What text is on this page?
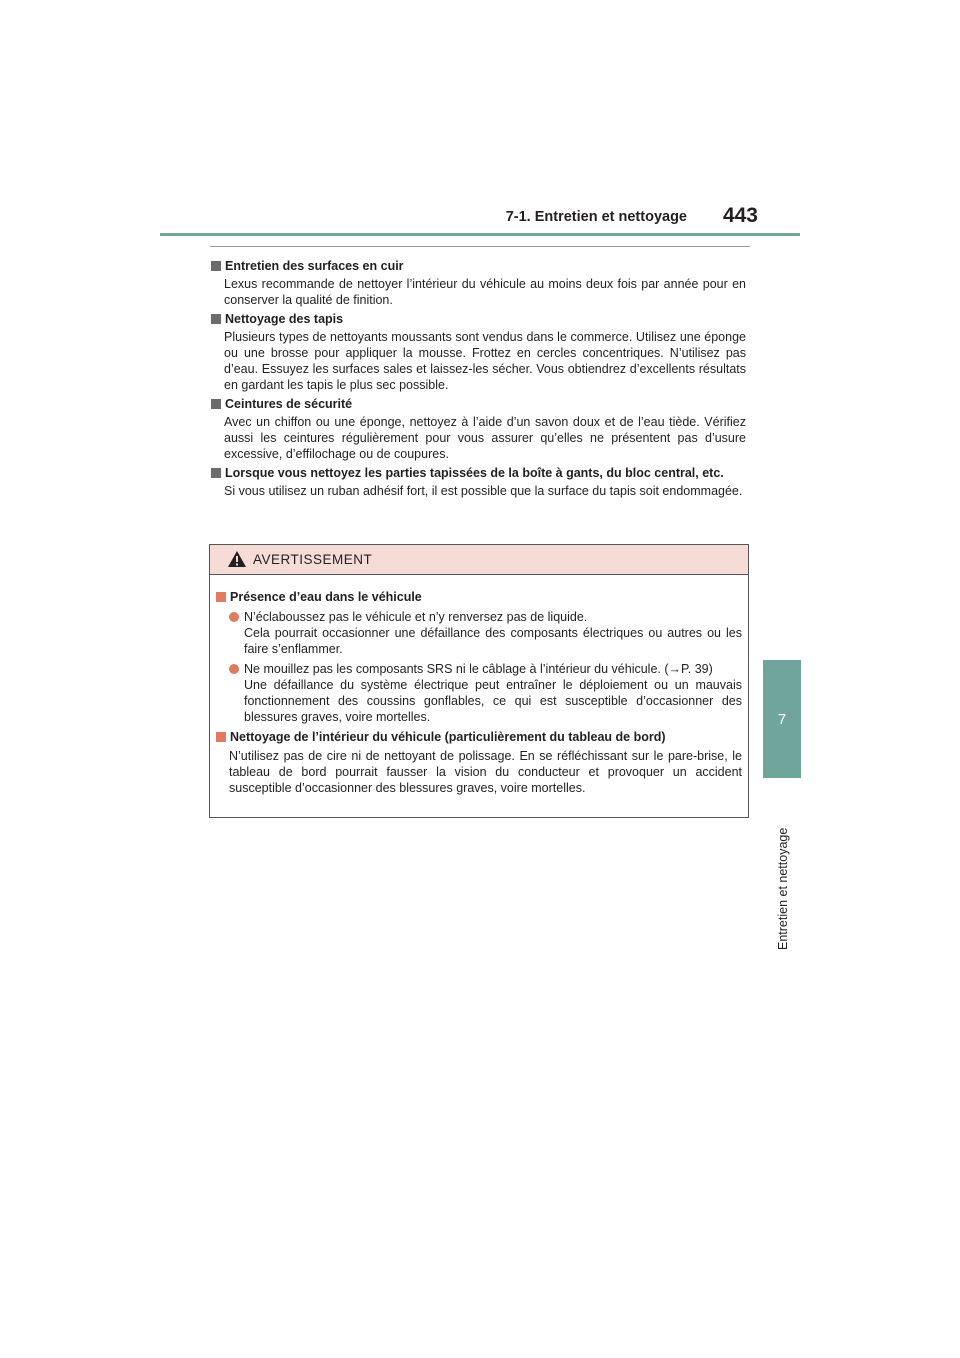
7-1. Entretien et nettoyage 443
7
Entretien et nettoyage
Entretien des surfaces en cuir
Lexus recommande de nettoyer l’intérieur du véhicule au moins deux fois par année pour en conserver la qualité de finition.
Nettoyage des tapis
Plusieurs types de nettoyants moussants sont vendus dans le commerce. Utilisez une éponge ou une brosse pour appliquer la mousse. Frottez en cercles concentriques. N’utilisez pas d’eau. Essuyez les surfaces sales et laissez-les sécher. Vous obtiendrez d’excellents résultats en gardant les tapis le plus sec possible.
Ceintures de sécurité
Avec un chiffon ou une éponge, nettoyez à l’aide d’un savon doux et de l’eau tiède. Vérifiez aussi les ceintures régulièrement pour vous assurer qu’elles ne présentent pas d’usure excessive, d’effilochage ou de coupures.
Lorsque vous nettoyez les parties tapissées de la boîte à gants, du bloc central, etc.
Si vous utilisez un ruban adhésif fort, il est possible que la surface du tapis soit endommagée.
AVERTISSEMENT
Présence d’eau dans le véhicule
N’éclaboussez pas le véhicule et n’y renversez pas de liquide.
Cela pourrait occasionner une défaillance des composants électriques ou autres ou les faire s’enflammer.
Ne mouillez pas les composants SRS ni le câblage à l’intérieur du véhicule. (→P. 39)
Une défaillance du système électrique peut entraîner le déploiement ou un mauvais fonctionnement des coussins gonflables, ce qui est susceptible d’occasionner des blessures graves, voire mortelles.
Nettoyage de l’intérieur du véhicule (particulièrement du tableau de bord)
N’utilisez pas de cire ni de nettoyant de polissage. En se réfléchissant sur le pare-brise, le tableau de bord pourrait fausser la vision du conducteur et provoquer un accident susceptible d’occasionner des blessures graves, voire mortelles.
